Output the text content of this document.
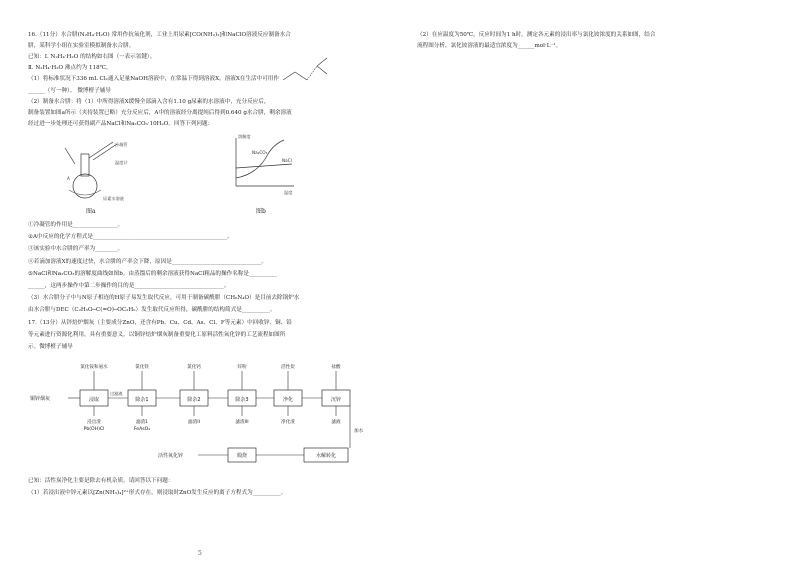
16.（11分）水合肼(N₂H₄·H₂O) 常用作抗氧化剂，工业上用尿素[CO(NH₂)₂]和NaClO溶液反应制备水合
肼，某科学小组在实验室模拟制备水合肼。
已知：Ⅰ. N₂H₄·H₂O 的结构如右图（···表示氢键）。
Ⅱ. N₂H₄·H₂O 沸点约为 118℃。
（1）将标准状况下336 mL Cl₂通入足量NaOH溶液中，在常温下得到溶液X。溶液X在生活中可用作
______（写一种）。 微博橙子辅导
（2）制备水合肼：将（1）中所得溶液X缓慢全部滴入含有1.10 g尿素的水溶液中，充分反应后，
制备装置如图a所示（夹持装置已略）充分反应后，A中的溶液经分离提纯后得到0.640 g水合肼，剩余溶液
经过进一步处理还可获得副产品NaCl和Na₂CO₃·10H₂O。回答下列问题：
冷凝管
温度计
尿素水溶液
A
图a
Na₂CO₃
NaCl
溶解度
温度
图b
①冷凝管的作用是________________。
②A中反应的化学方程式是________________________________________________。
③该实验中水合肼的产率为________。
④若滴加溶液X的速度过快，水合肼的产率会下降，原因是________________________________。
⑤NaCl和Na₂CO₃的溶解度曲线如图b。由蒸馏后的剩余溶液获得NaCl粗品的操作名称是__________
______，这两步操作中第二步操作的目的是________________________________。
（3）水合肼分子中与N原子相连的H原子易发生取代反应，可用于制备碳酰肼（CH₆N₄O）是目前去除锅炉水
由水合肼与DEC（C₂H₅O─C(=O)─OC₂H₅）发生取代反应所得，碳酰肼的结构简式是__________。
17.（13分）从锌焙炉烟灰（主要成分ZnO，还含有Pb、Cu、Cd、As、Cl、F等元素）中回收锌、铜、铅
等元素进行资源化利用，具有重要意义。以铜锌焙炉烟灰制备重要化工原料活性氧化锌的工艺流程如图所
示。微博橙子辅导
铜锌烟灰	浸取
氯化铵和氨水
浸出渣
Pb(OH)Cl
除杂1
氯化铁
滤渣1
FeAsO₄
除杂2
氯化钙
滤渣II
除杂3
锌粉
滤渣III
净化
活性炭
净化渣
沉锌
盐酸
滤液
过滤液
煅烧	水解转化
加水
活性氧化锌
已知：活性炭净化主要是除去有机杂质。请回答以下问题：
（1）若浸出液中锌元素以[Zn(NH₃)₄]²⁺形式存在，则浸取时ZnO发生反应的离子方程式为__________。
5
（2）在应温度为50℃，反应时间为1 h时，测定各元素的浸出率与氯化铵浓度的关系如图，结合
流程图分析，氯化铵溶液的最适宜浓度为______mol·L⁻¹。
